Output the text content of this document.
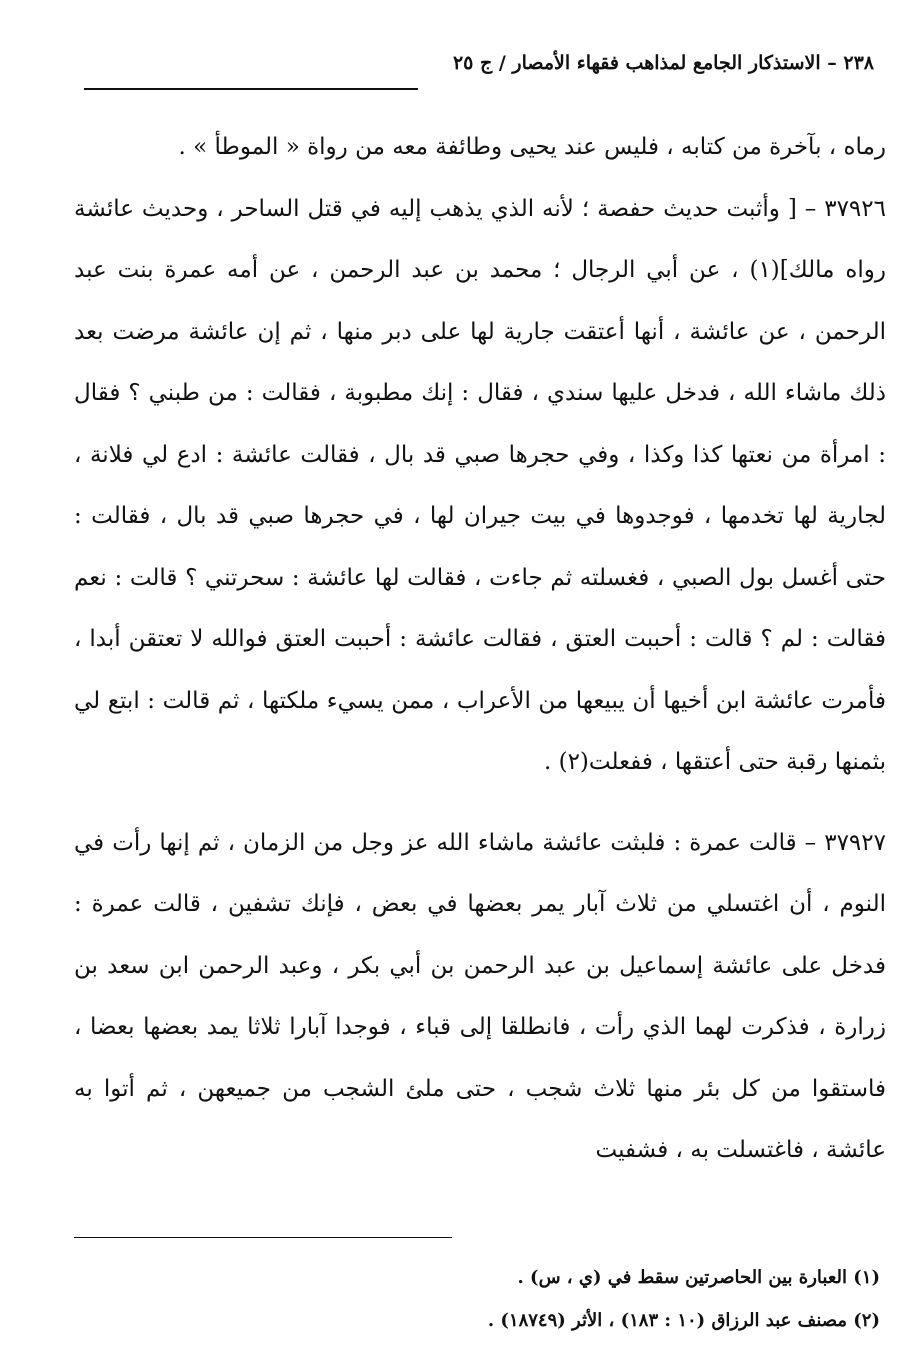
٢٣٨ – الاستذكار الجامع لمذاهب فقهاء الأمصار / ج ٢٥

رماه ، بآخرة من كتابه ، فليس عند يحيى وطائفة معه من رواة « الموطأ » .

٣٧٩٢٦ – [ وأثبت حديث حفصة ؛ لأنه الذي يذهب إليه في قتل الساحر ، وحديث عائشة رواه مالك](١) ، عن أبي الرجال ؛ محمد بن عبد الرحمن ، عن أمه عمرة بنت عبد الرحمن ، عن عائشة ، أنها أعتقت جارية لها على دبر منها ، ثم إن عائشة مرضت بعد ذلك ماشاء الله ، فدخل عليها سندي ، فقال : إنك مطبوبة ، فقالت : من طبني ؟ فقال : امرأة من نعتها كذا وكذا ، وفي حجرها صبي قد بال ، فقالت عائشة : ادع لي فلانة ، لجارية لها تخدمها ، فوجدوها في بيت جيران لها ، في حجرها صبي قد بال ، فقالت : حتى أغسل بول الصبي ، فغسلته ثم جاءت ، فقالت لها عائشة : سحرتني ؟ قالت : نعم فقالت : لم ؟ قالت : أحببت العتق ، فقالت عائشة : أحببت العتق فوالله لا تعتقن أبدا ، فأمرت عائشة ابن أخيها أن يبيعها من الأعراب ، ممن يسيء ملكتها ، ثم قالت : ابتع لي بثمنها رقبة حتى أعتقها ، ففعلت(٢) .

٣٧٩٢٧ – قالت عمرة : فلبثت عائشة ماشاء الله عز وجل من الزمان ، ثم إنها رأت في النوم ، أن اغتسلي من ثلاث آبار يمر بعضها في بعض ، فإنك تشفين ، قالت عمرة : فدخل على عائشة إسماعيل بن عبد الرحمن بن أبي بكر ، وعبد الرحمن ابن سعد بن زرارة ، فذكرت لهما الذي رأت ، فانطلقا إلى قباء ، فوجدا آبارا ثلاثا يمد بعضها بعضا ، فاستقوا من كل بئر منها ثلاث شجب ، حتى ملئ الشجب من جميعهن ، ثم أتوا به عائشة ، فاغتسلت به ، فشفيت

(١) العبارة بين الحاصرتين سقط في (ي ، س) .

(٢) مصنف عبد الرزاق (١٠ : ١٨٣) ، الأثر (١٨٧٤٩) .
